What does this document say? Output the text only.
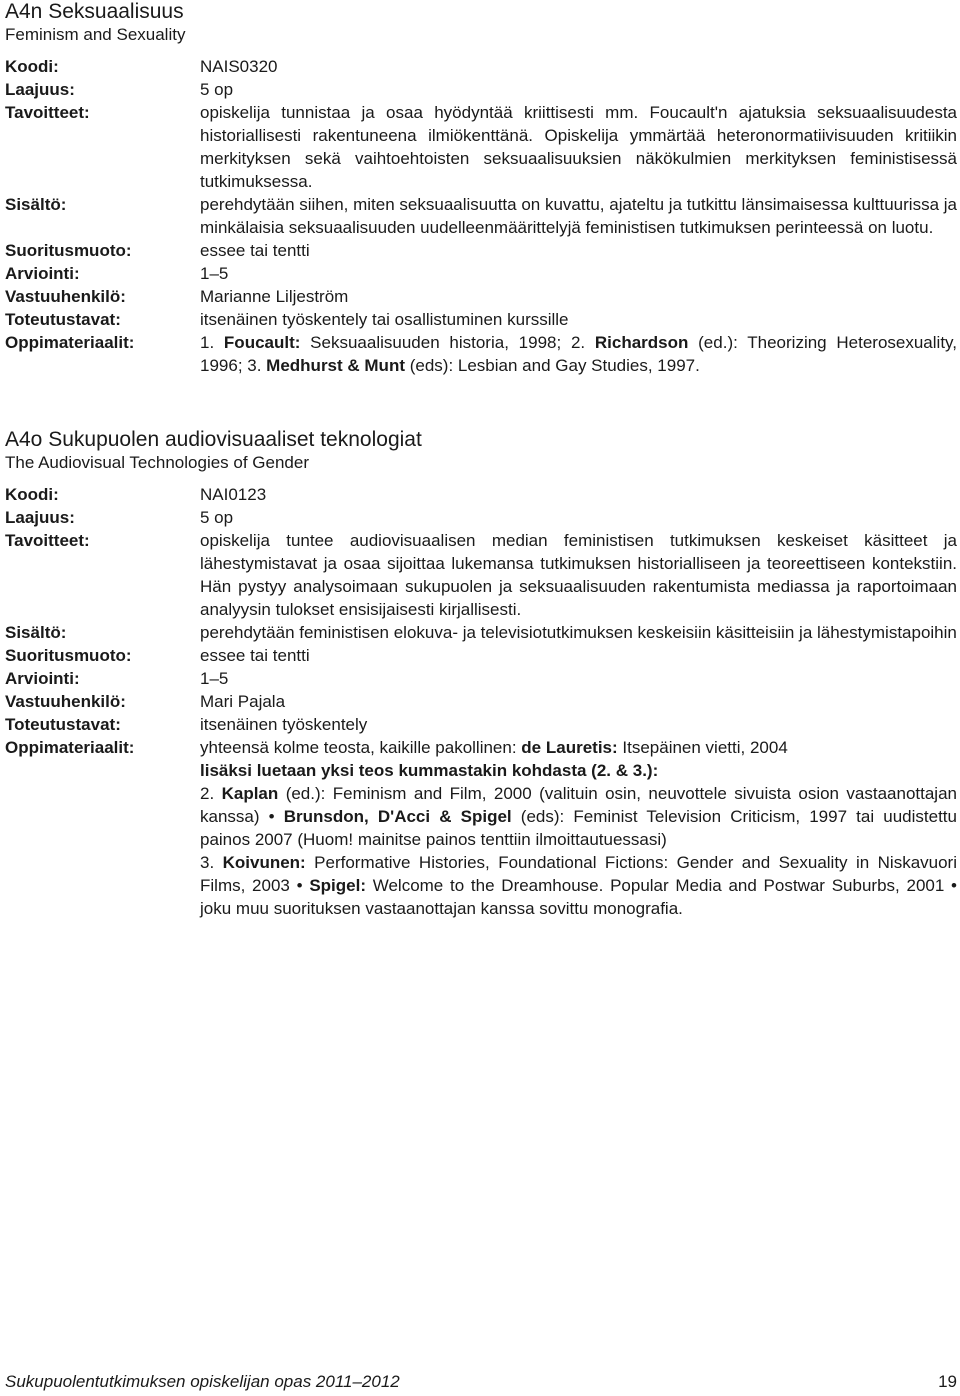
A4n Seksuaalisuus
Feminism and Sexuality
Koodi:	NAIS0320
Laajuus:	5 op
Tavoitteet:	opiskelija tunnistaa ja osaa hyödyntää kriittisesti mm. Foucault'n ajatuksia seksuaalisuudesta historiallisesti rakentuneena ilmiökenttänä. Opiskelija ymmärtää heteronormatiivisuuden kritiikin merkityksen sekä vaihtoehtoisten seksuaalisuuksien näkökulmien merkityksen feministisessä tutkimuksessa.
Sisältö:	perehdytään siihen, miten seksuaalisuutta on kuvattu, ajateltu ja tutkittu länsimaisessa kulttuurissa ja minkälaisia seksuaalisuuden uudelleenmäärittelyjä feministisen tutkimuksen perinteessä on luotu.
Suoritusmuoto:	essee tai tentti
Arviointi:	1–5
Vastuuhenkilö:	Marianne Liljeström
Toteutustavat:	itsenäinen työskentely tai osallistuminen kurssille
Oppimateriaalit:	1. Foucault: Seksuaalisuuden historia, 1998; 2. Richardson (ed.): Theorizing Heterosexuality, 1996; 3. Medhurst & Munt (eds): Lesbian and Gay Studies, 1997.
A4o Sukupuolen audiovisuaaliset teknologiat
The Audiovisual Technologies of Gender
Koodi:	NAI0123
Laajuus:	5 op
Tavoitteet:	opiskelija tuntee audiovisuaalisen median feministisen tutkimuksen keskeiset käsitteet ja lähestymistavat ja osaa sijoittaa lukemansa tutkimuksen historialliseen ja teoreettiseen kontekstiin. Hän pystyy analysoimaan sukupuolen ja seksuaalisuuden rakentumista mediassa ja raportoimaan analyysin tulokset ensisijaisesti kirjallisesti.
Sisältö:	perehdytään feministisen elokuva- ja televisiotutkimuksen keskeisiin käsitteisiin ja lähestymistapoihin
Suoritusmuoto:	essee tai tentti
Arviointi:	1–5
Vastuuhenkilö:	Mari Pajala
Toteutustavat:	itsenäinen työskentely
Oppimateriaalit:	yhteensä kolme teosta, kaikille pakollinen: de Lauretis: Itsepäinen vietti, 2004

lisäksi luetaan yksi teos kummastakin kohdasta (2. & 3.):

2. Kaplan (ed.): Feminism and Film, 2000 (valituin osin, neuvottele sivuista osion vastaanottajan kanssa) • Brunsdon, D'Acci & Spigel (eds): Feminist Television Criticism, 1997 tai uudistettu painos 2007 (Huom! mainitse painos tenttiin ilmoittautuessasi)

3. Koivunen: Performative Histories, Foundational Fictions: Gender and Sexuality in Niskavuori Films, 2003 • Spigel: Welcome to the Dreamhouse. Popular Media and Postwar Suburbs, 2001 • joku muu suorituksen vastaanottajan kanssa sovittu monografia.

Sukupuolentutkimuksen opiskelijan opas 2011–2012	19
